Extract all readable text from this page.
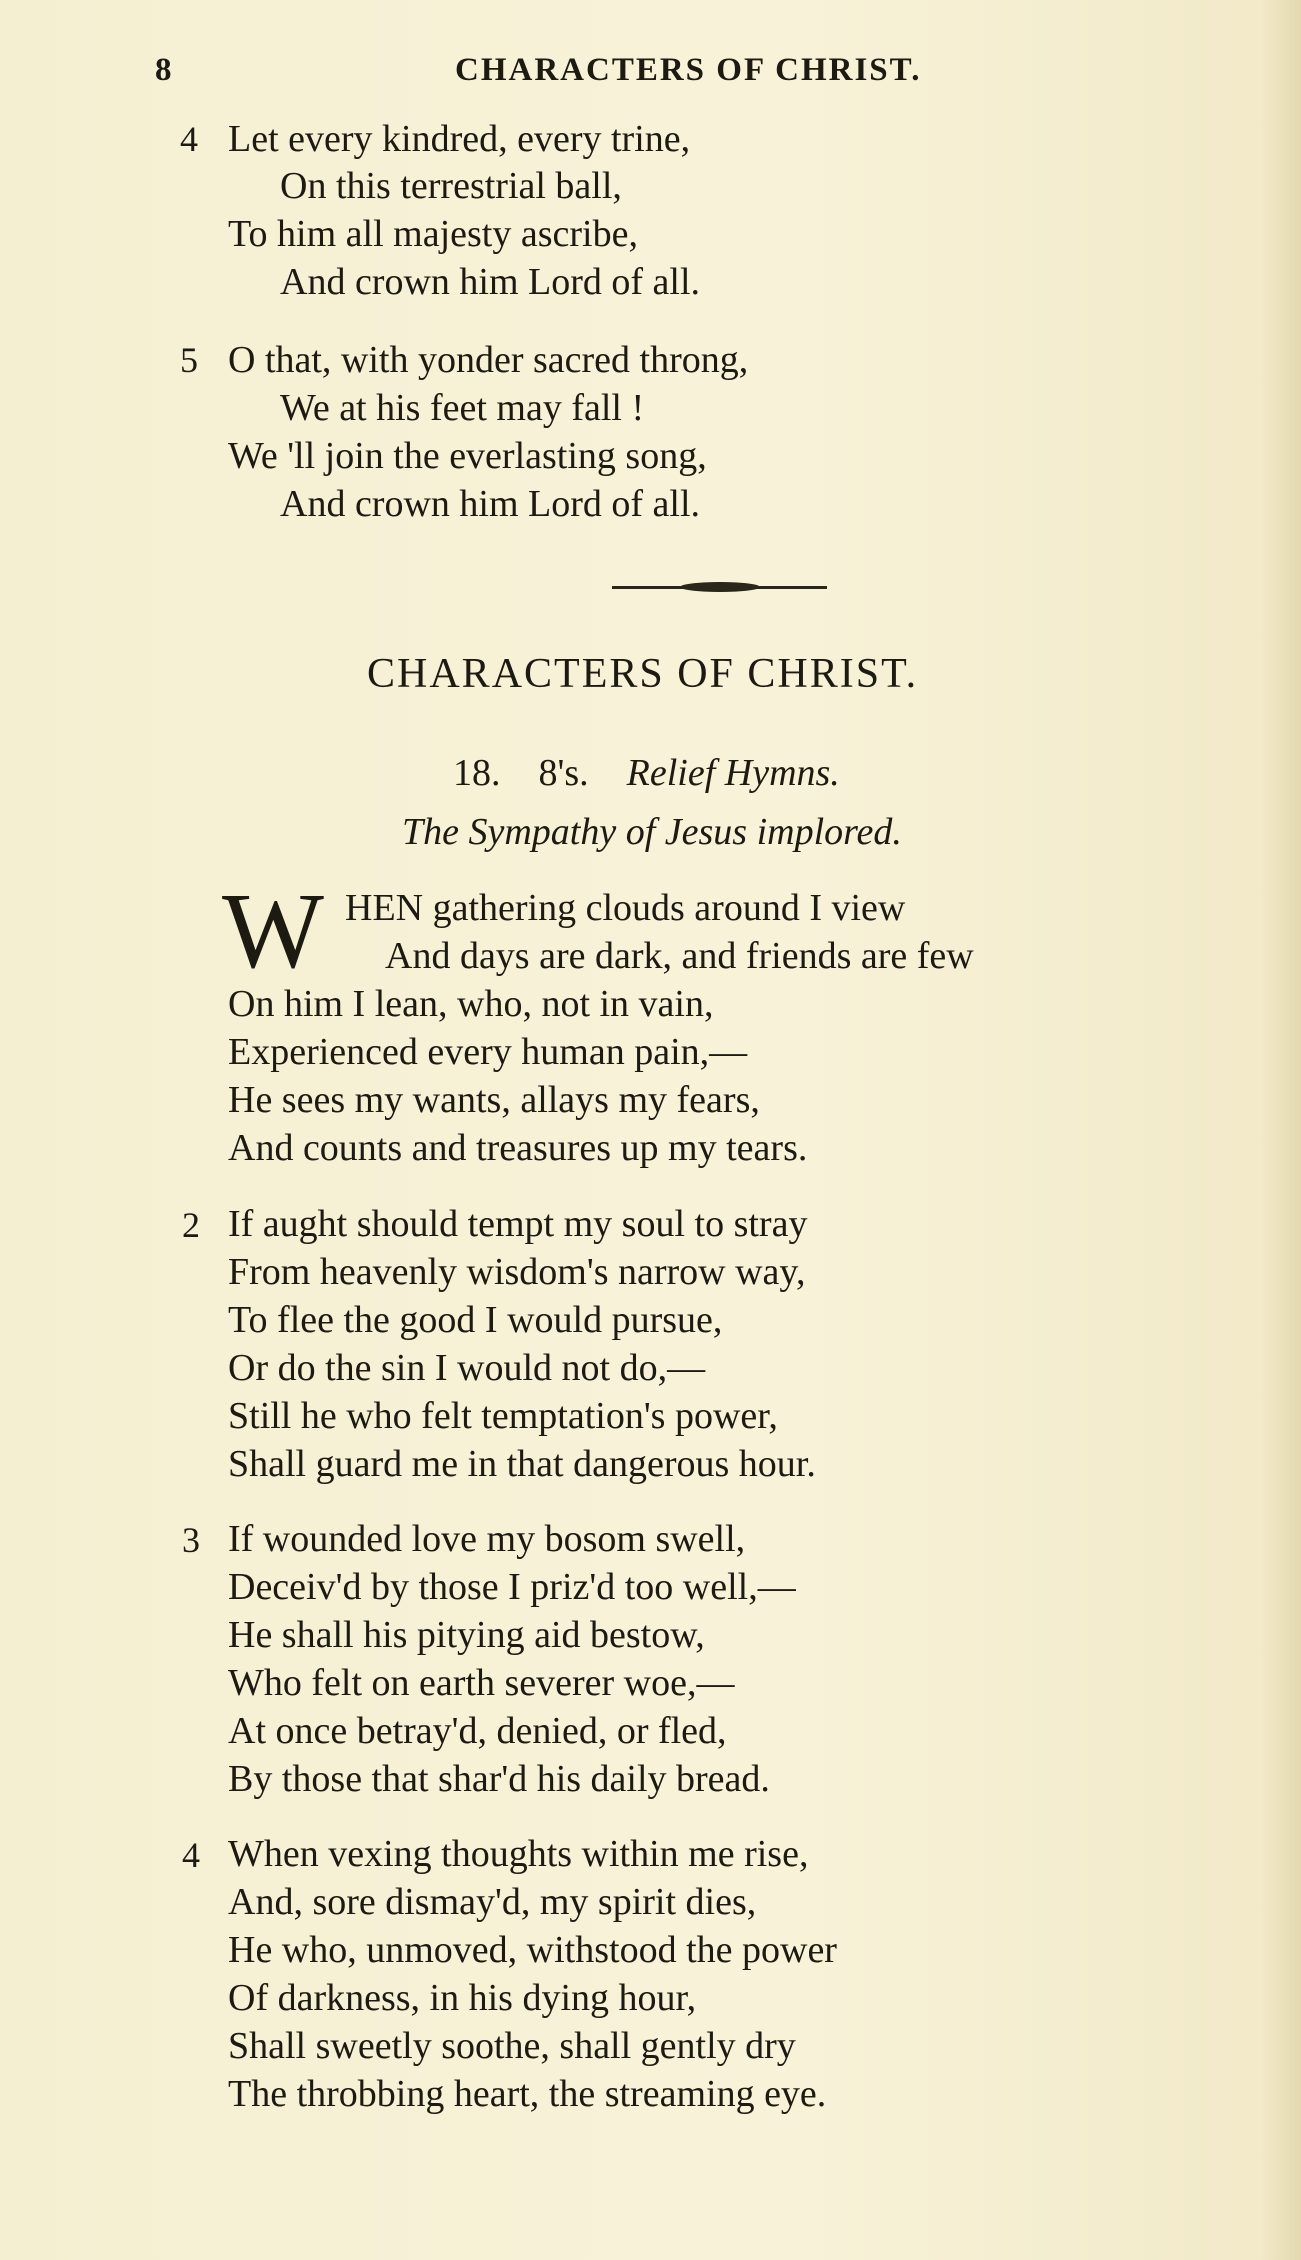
8	CHARACTERS OF CHRIST.
4 Let every kindred, every trine,
On this terrestrial ball,
To him all majesty ascribe,
And crown him Lord of all.
5 O that, with yonder sacred throng,
We at his feet may fall !
We 'll join the everlasting song,
And crown him Lord of all.
CHARACTERS OF CHRIST.
18. 8's. Relief Hymns.
The Sympathy of Jesus implored.
W HEN gathering clouds around I view
And days are dark, and friends are few
On him I lean, who, not in vain,
Experienced every human pain,—
He sees my wants, allays my fears,
And counts and treasures up my tears.
2 If aught should tempt my soul to stray
From heavenly wisdom's narrow way,
To flee the good I would pursue,
Or do the sin I would not do,—
Still he who felt temptation's power,
Shall guard me in that dangerous hour.
3 If wounded love my bosom swell,
Deceiv'd by those I priz'd too well,—
He shall his pitying aid bestow,
Who felt on earth severer woe,—
At once betray'd, denied, or fled,
By those that shar'd his daily bread.
4 When vexing thoughts within me rise,
And, sore dismay'd, my spirit dies,
He who, unmoved, withstood the power
Of darkness, in his dying hour,
Shall sweetly soothe, shall gently dry
The throbbing heart, the streaming eye.
